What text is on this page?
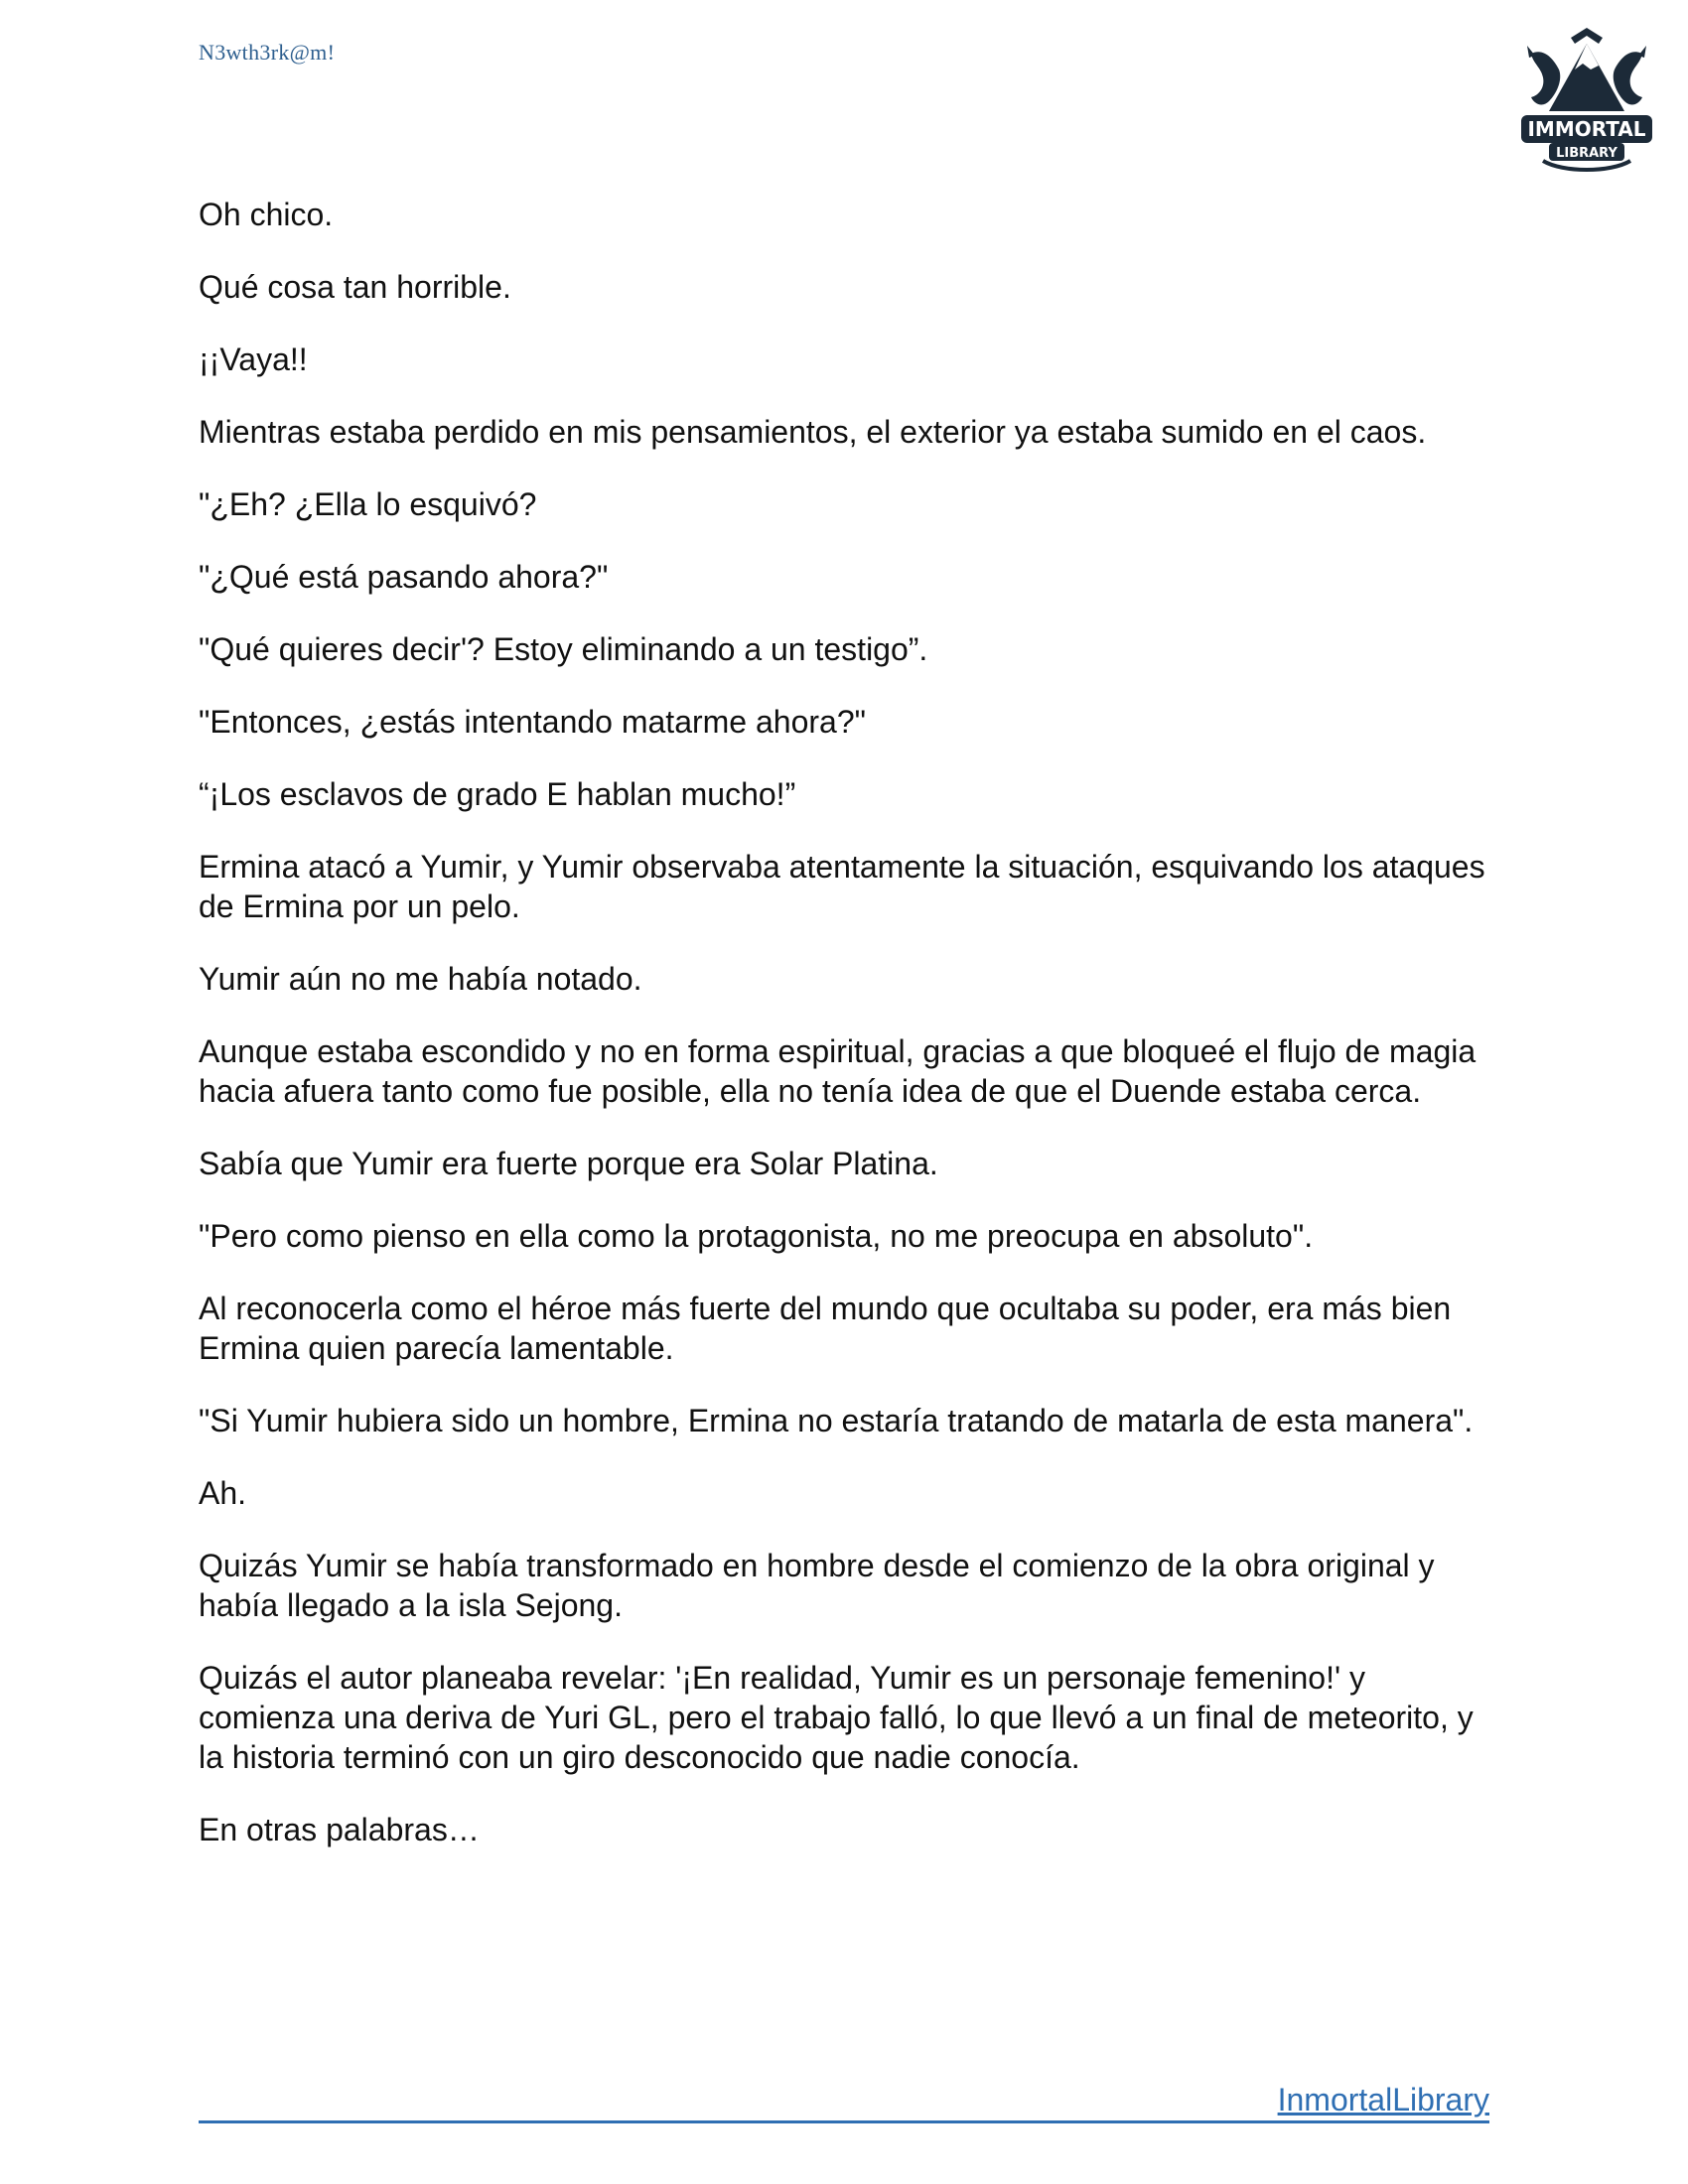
N3wth3rk@m!
IMMORTAL
LIBRARY

Oh chico.

Qué cosa tan horrible.

¡¡Vaya!!

Mientras estaba perdido en mis pensamientos, el exterior ya estaba sumido en el caos.

"¿Eh? ¿Ella lo esquivó?

"¿Qué está pasando ahora?"

"Qué quieres decir'? Estoy eliminando a un testigo”.

"Entonces, ¿estás intentando matarme ahora?"

“¡Los esclavos de grado E hablan mucho!”

Ermina atacó a Yumir, y Yumir observaba atentamente la situación, esquivando los ataques de Ermina por un pelo.

Yumir aún no me había notado.

Aunque estaba escondido y no en forma espiritual, gracias a que bloqueé el flujo de magia hacia afuera tanto como fue posible, ella no tenía idea de que el Duende estaba cerca.

Sabía que Yumir era fuerte porque era Solar Platina.

"Pero como pienso en ella como la protagonista, no me preocupa en absoluto".

Al reconocerla como el héroe más fuerte del mundo que ocultaba su poder, era más bien Ermina quien parecía lamentable.

"Si Yumir hubiera sido un hombre, Ermina no estaría tratando de matarla de esta manera".

Ah.

Quizás Yumir se había transformado en hombre desde el comienzo de la obra original y había llegado a la isla Sejong.

Quizás el autor planeaba revelar: '¡En realidad, Yumir es un personaje femenino!' y comienza una deriva de Yuri GL, pero el trabajo falló, lo que llevó a un final de meteorito, y la historia terminó con un giro desconocido que nadie conocía.

En otras palabras…

InmortalLibrary
